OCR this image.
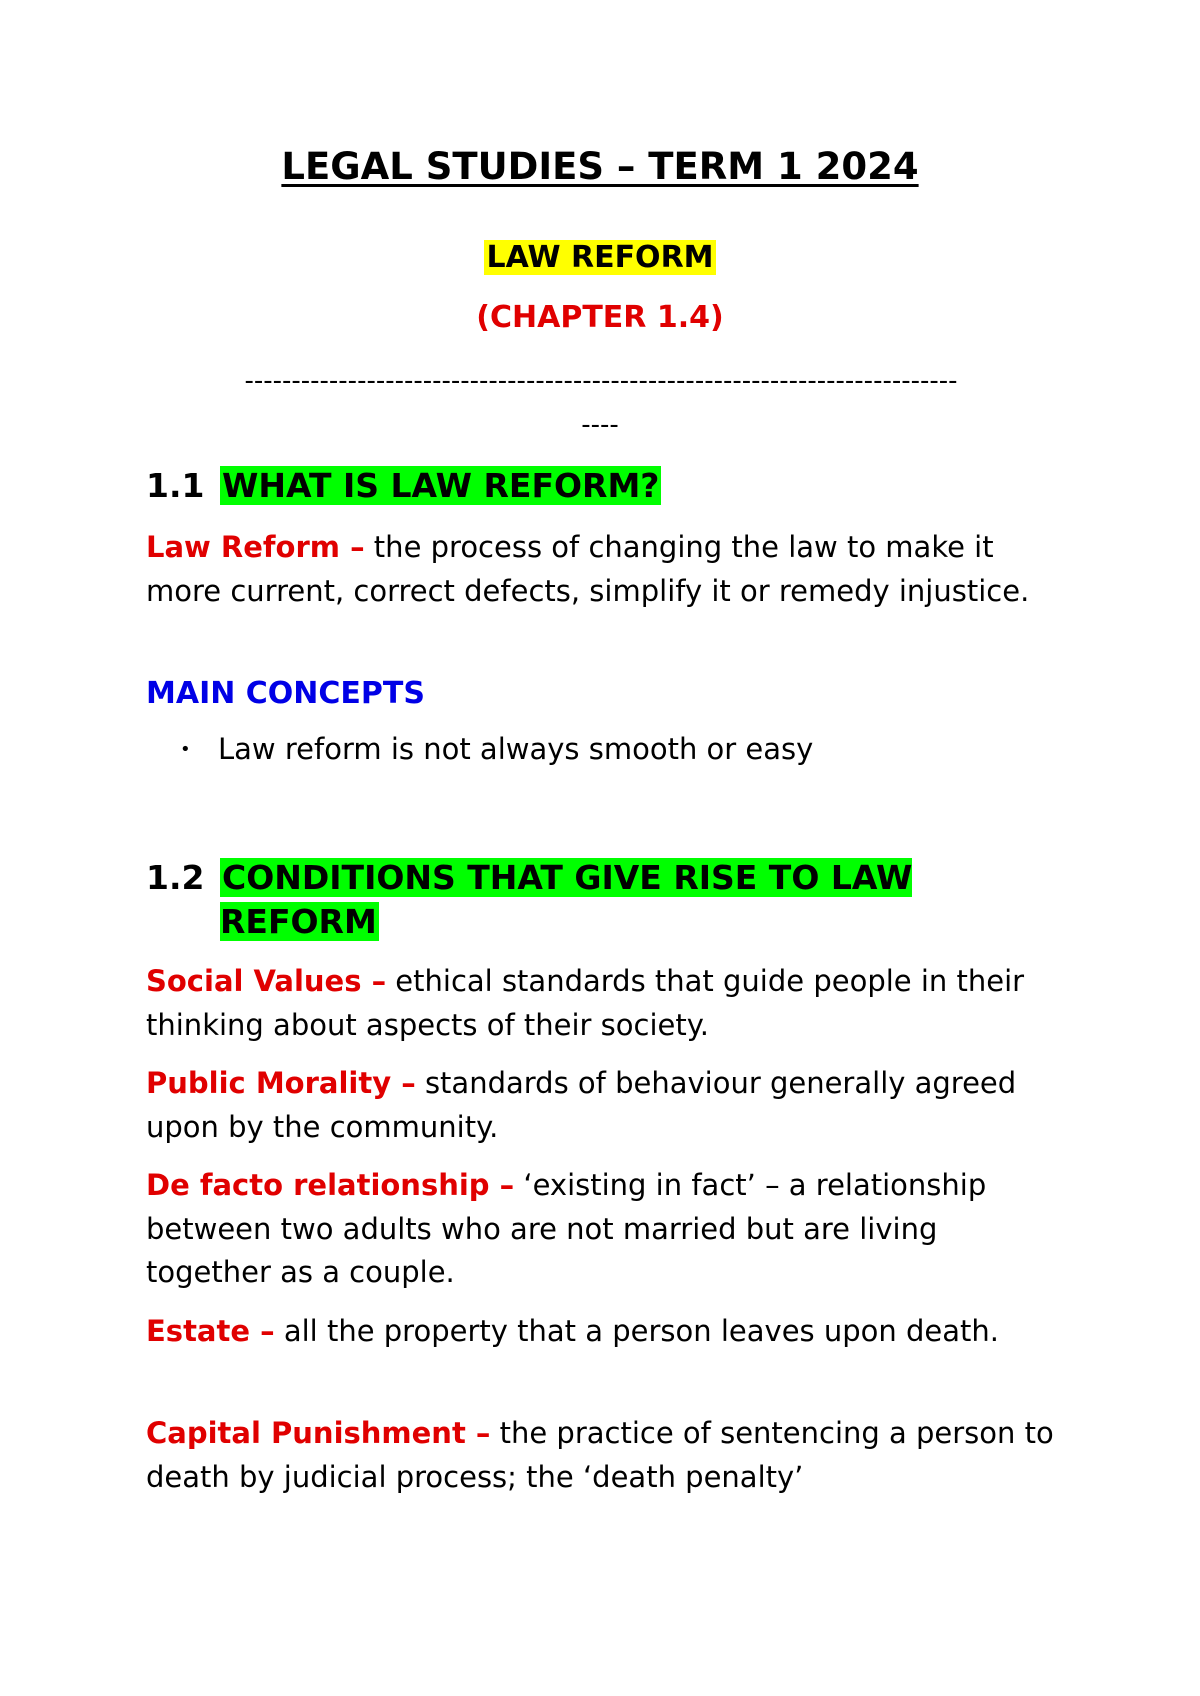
LEGAL STUDIES – TERM 1 2024
LAW REFORM
(CHAPTER 1.4)
----------------------------------------------------------------------------
----
1.1 WHAT IS LAW REFORM?
Law Reform – the process of changing the law to make it more current, correct defects, simplify it or remedy injustice.
MAIN CONCEPTS
• Law reform is not always smooth or easy
1.2 CONDITIONS THAT GIVE RISE TO LAW REFORM
Social Values – ethical standards that guide people in their thinking about aspects of their society.
Public Morality – standards of behaviour generally agreed upon by the community.
De facto relationship – ‘existing in fact’ – a relationship between two adults who are not married but are living together as a couple.
Estate – all the property that a person leaves upon death.
Capital Punishment – the practice of sentencing a person to death by judicial process; the ‘death penalty’
